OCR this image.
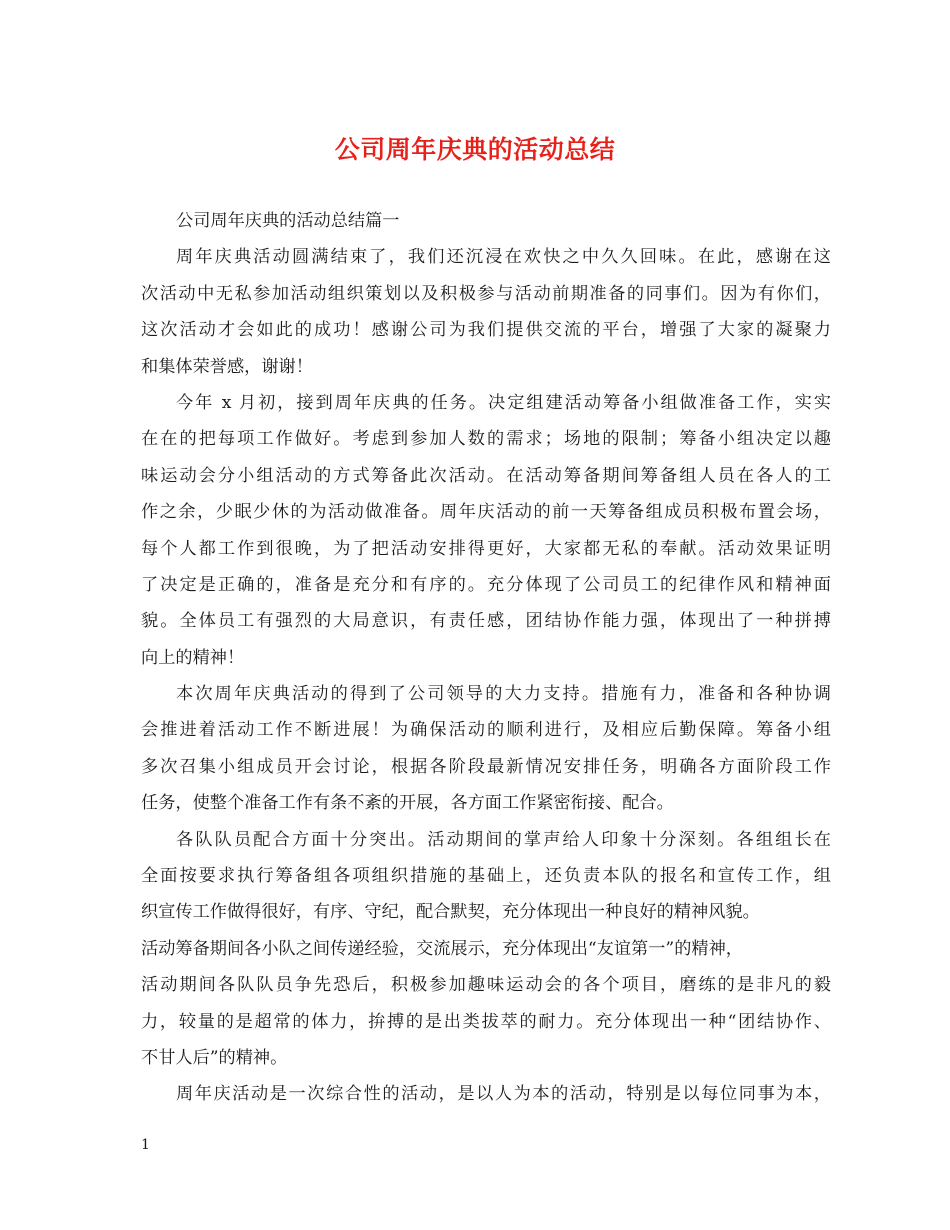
公司周年庆典的活动总结
公司周年庆典的活动总结篇一
周年庆典活动圆满结束了，我们还沉浸在欢快之中久久回味。在此，感谢在这
次活动中无私参加活动组织策划以及积极参与活动前期准备的同事们。因为有你们，
这次活动才会如此的成功！感谢公司为我们提供交流的平台，增强了大家的凝聚力
和集体荣誉感，谢谢！
今年 x 月初，接到周年庆典的任务。决定组建活动筹备小组做准备工作，实实
在在的把每项工作做好。考虑到参加人数的需求；场地的限制；筹备小组决定以趣
味运动会分小组活动的方式筹备此次活动。在活动筹备期间筹备组人员在各人的工
作之余，少眠少休的为活动做准备。周年庆活动的前一天筹备组成员积极布置会场，
每个人都工作到很晚，为了把活动安排得更好，大家都无私的奉献。活动效果证明
了决定是正确的，准备是充分和有序的。充分体现了公司员工的纪律作风和精神面
貌。全体员工有强烈的大局意识，有责任感，团结协作能力强，体现出了一种拼搏
向上的精神！
本次周年庆典活动的得到了公司领导的大力支持。措施有力，准备和各种协调
会推进着活动工作不断进展！为确保活动的顺利进行，及相应后勤保障。筹备小组
多次召集小组成员开会讨论，根据各阶段最新情况安排任务，明确各方面阶段工作
任务，使整个准备工作有条不紊的开展，各方面工作紧密衔接、配合。
各队队员配合方面十分突出。活动期间的掌声给人印象十分深刻。各组组长在
全面按要求执行筹备组各项组织措施的基础上，还负责本队的报名和宣传工作，组
织宣传工作做得很好，有序、守纪，配合默契，充分体现出一种良好的精神风貌。
活动筹备期间各小队之间传递经验，交流展示，充分体现出“友谊第一”的精神，
活动期间各队队员争先恐后，积极参加趣味运动会的各个项目，磨练的是非凡的毅
力，较量的是超常的体力，拚搏的是出类拔萃的耐力。充分体现出一种“团结协作、
不甘人后”的精神。
周年庆活动是一次综合性的活动，是以人为本的活动，特别是以每位同事为本，
1
